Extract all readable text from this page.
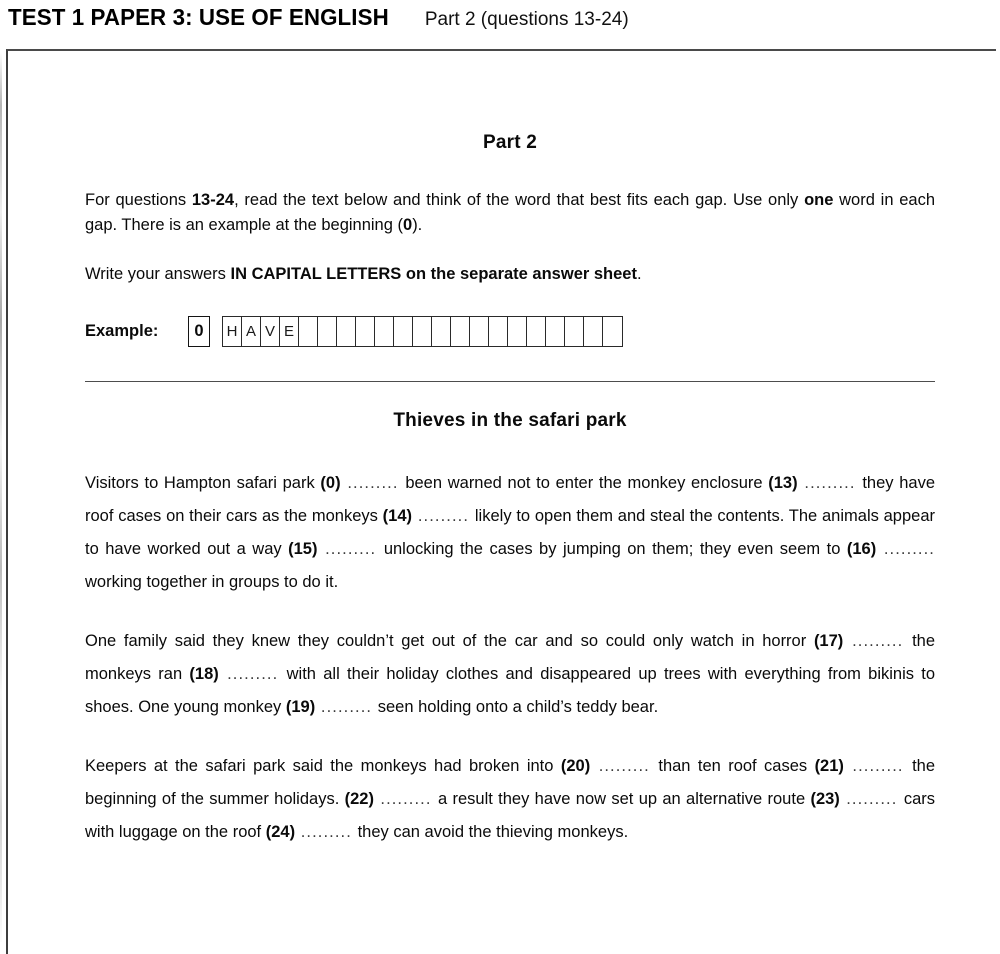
TEST 1 PAPER 3: USE OF ENGLISH Part 2 (questions 13-24)
Part 2

For questions 13-24, read the text below and think of the word that best fits each gap. Use only one word in each gap. There is an example at the beginning (0).

Write your answers IN CAPITAL LETTERS on the separate answer sheet.

Example:	0	H A V E
Thieves in the safari park

Visitors to Hampton safari park (0) ......... been warned not to enter the monkey enclosure (13) ......... they have roof cases on their cars as the monkeys (14) ......... likely to open them and steal the contents. The animals appear to have worked out a way (15) ......... unlocking the cases by jumping on them; they even seem to (16) ......... working together in groups to do it.

One family said they knew they couldn’t get out of the car and so could only watch in horror (17) ......... the monkeys ran (18) ......... with all their holiday clothes and disappeared up trees with everything from bikinis to shoes. One young monkey (19) ......... seen holding onto a child’s teddy bear.

Keepers at the safari park said the monkeys had broken into (20) ......... than ten roof cases (21) ......... the beginning of the summer holidays. (22) ......... a result they have now set up an alternative route (23) ......... cars with luggage on the roof (24) ......... they can avoid the thieving monkeys.
